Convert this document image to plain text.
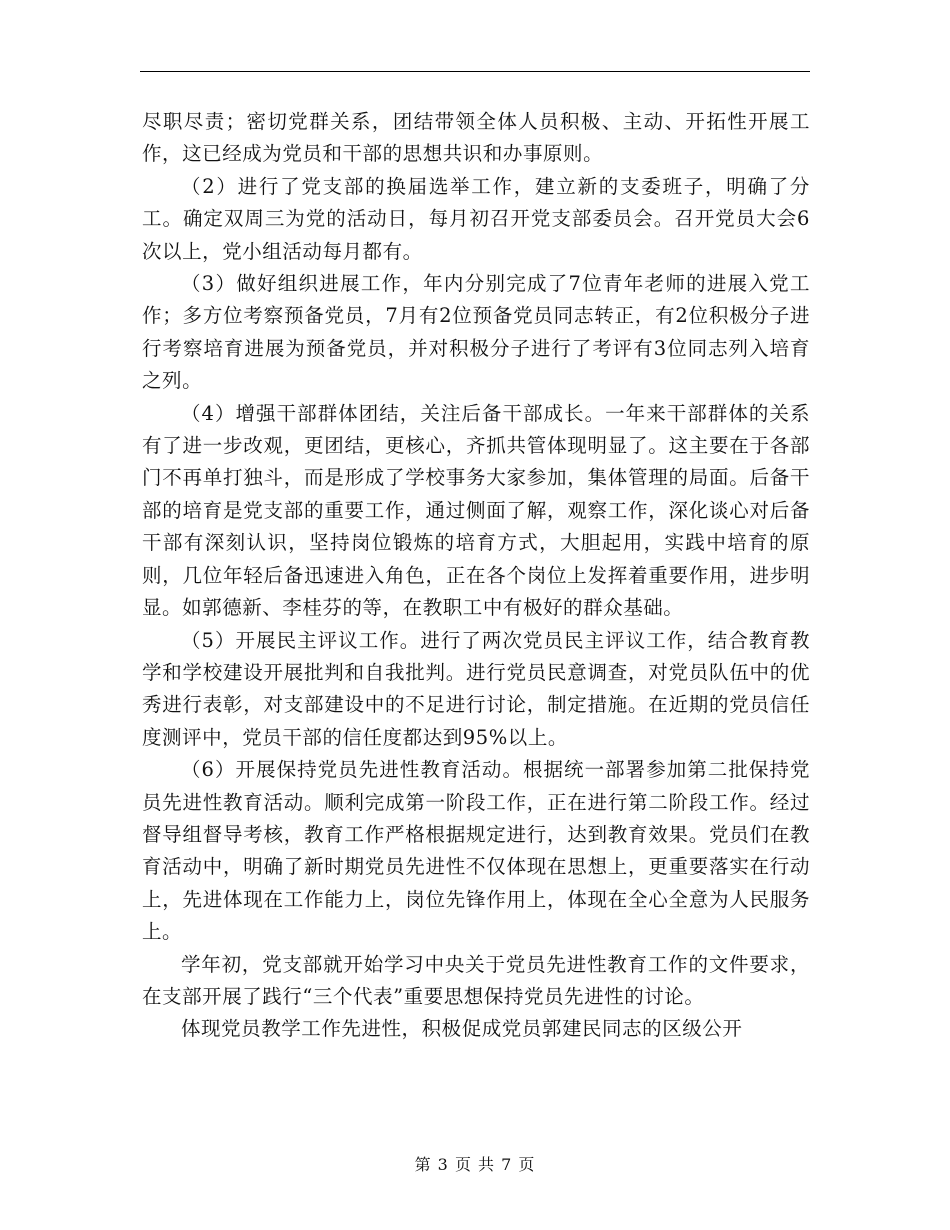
尽职尽责；密切党群关系，团结带领全体人员积极、主动、开拓性开展工作，这已经成为党员和干部的思想共识和办事原则。

（2）进行了党支部的换届选举工作，建立新的支委班子，明确了分工。确定双周三为党的活动日，每月初召开党支部委员会。召开党员大会6次以上，党小组活动每月都有。

（3）做好组织进展工作，年内分别完成了7位青年老师的进展入党工作；多方位考察预备党员，7月有2位预备党员同志转正，有2位积极分子进行考察培育进展为预备党员，并对积极分子进行了考评有3位同志列入培育之列。

（4）增强干部群体团结，关注后备干部成长。一年来干部群体的关系有了进一步改观，更团结，更核心，齐抓共管体现明显了。这主要在于各部门不再单打独斗，而是形成了学校事务大家参加，集体管理的局面。后备干部的培育是党支部的重要工作，通过侧面了解，观察工作，深化谈心对后备干部有深刻认识，坚持岗位锻炼的培育方式，大胆起用，实践中培育的原则，几位年轻后备迅速进入角色，正在各个岗位上发挥着重要作用，进步明显。如郭德新、李桂芬的等，在教职工中有极好的群众基础。

（5）开展民主评议工作。进行了两次党员民主评议工作，结合教育教学和学校建设开展批判和自我批判。进行党员民意调查，对党员队伍中的优秀进行表彰，对支部建设中的不足进行讨论，制定措施。在近期的党员信任度测评中，党员干部的信任度都达到95%以上。

（6）开展保持党员先进性教育活动。根据统一部署参加第二批保持党员先进性教育活动。顺利完成第一阶段工作，正在进行第二阶段工作。经过督导组督导考核，教育工作严格根据规定进行，达到教育效果。党员们在教育活动中，明确了新时期党员先进性不仅体现在思想上，更重要落实在行动上，先进体现在工作能力上，岗位先锋作用上，体现在全心全意为人民服务上。

学年初，党支部就开始学习中央关于党员先进性教育工作的文件要求，在支部开展了践行“三个代表”重要思想保持党员先进性的讨论。

体现党员教学工作先进性，积极促成党员郭建民同志的区级公开

第 3 页 共 7 页
